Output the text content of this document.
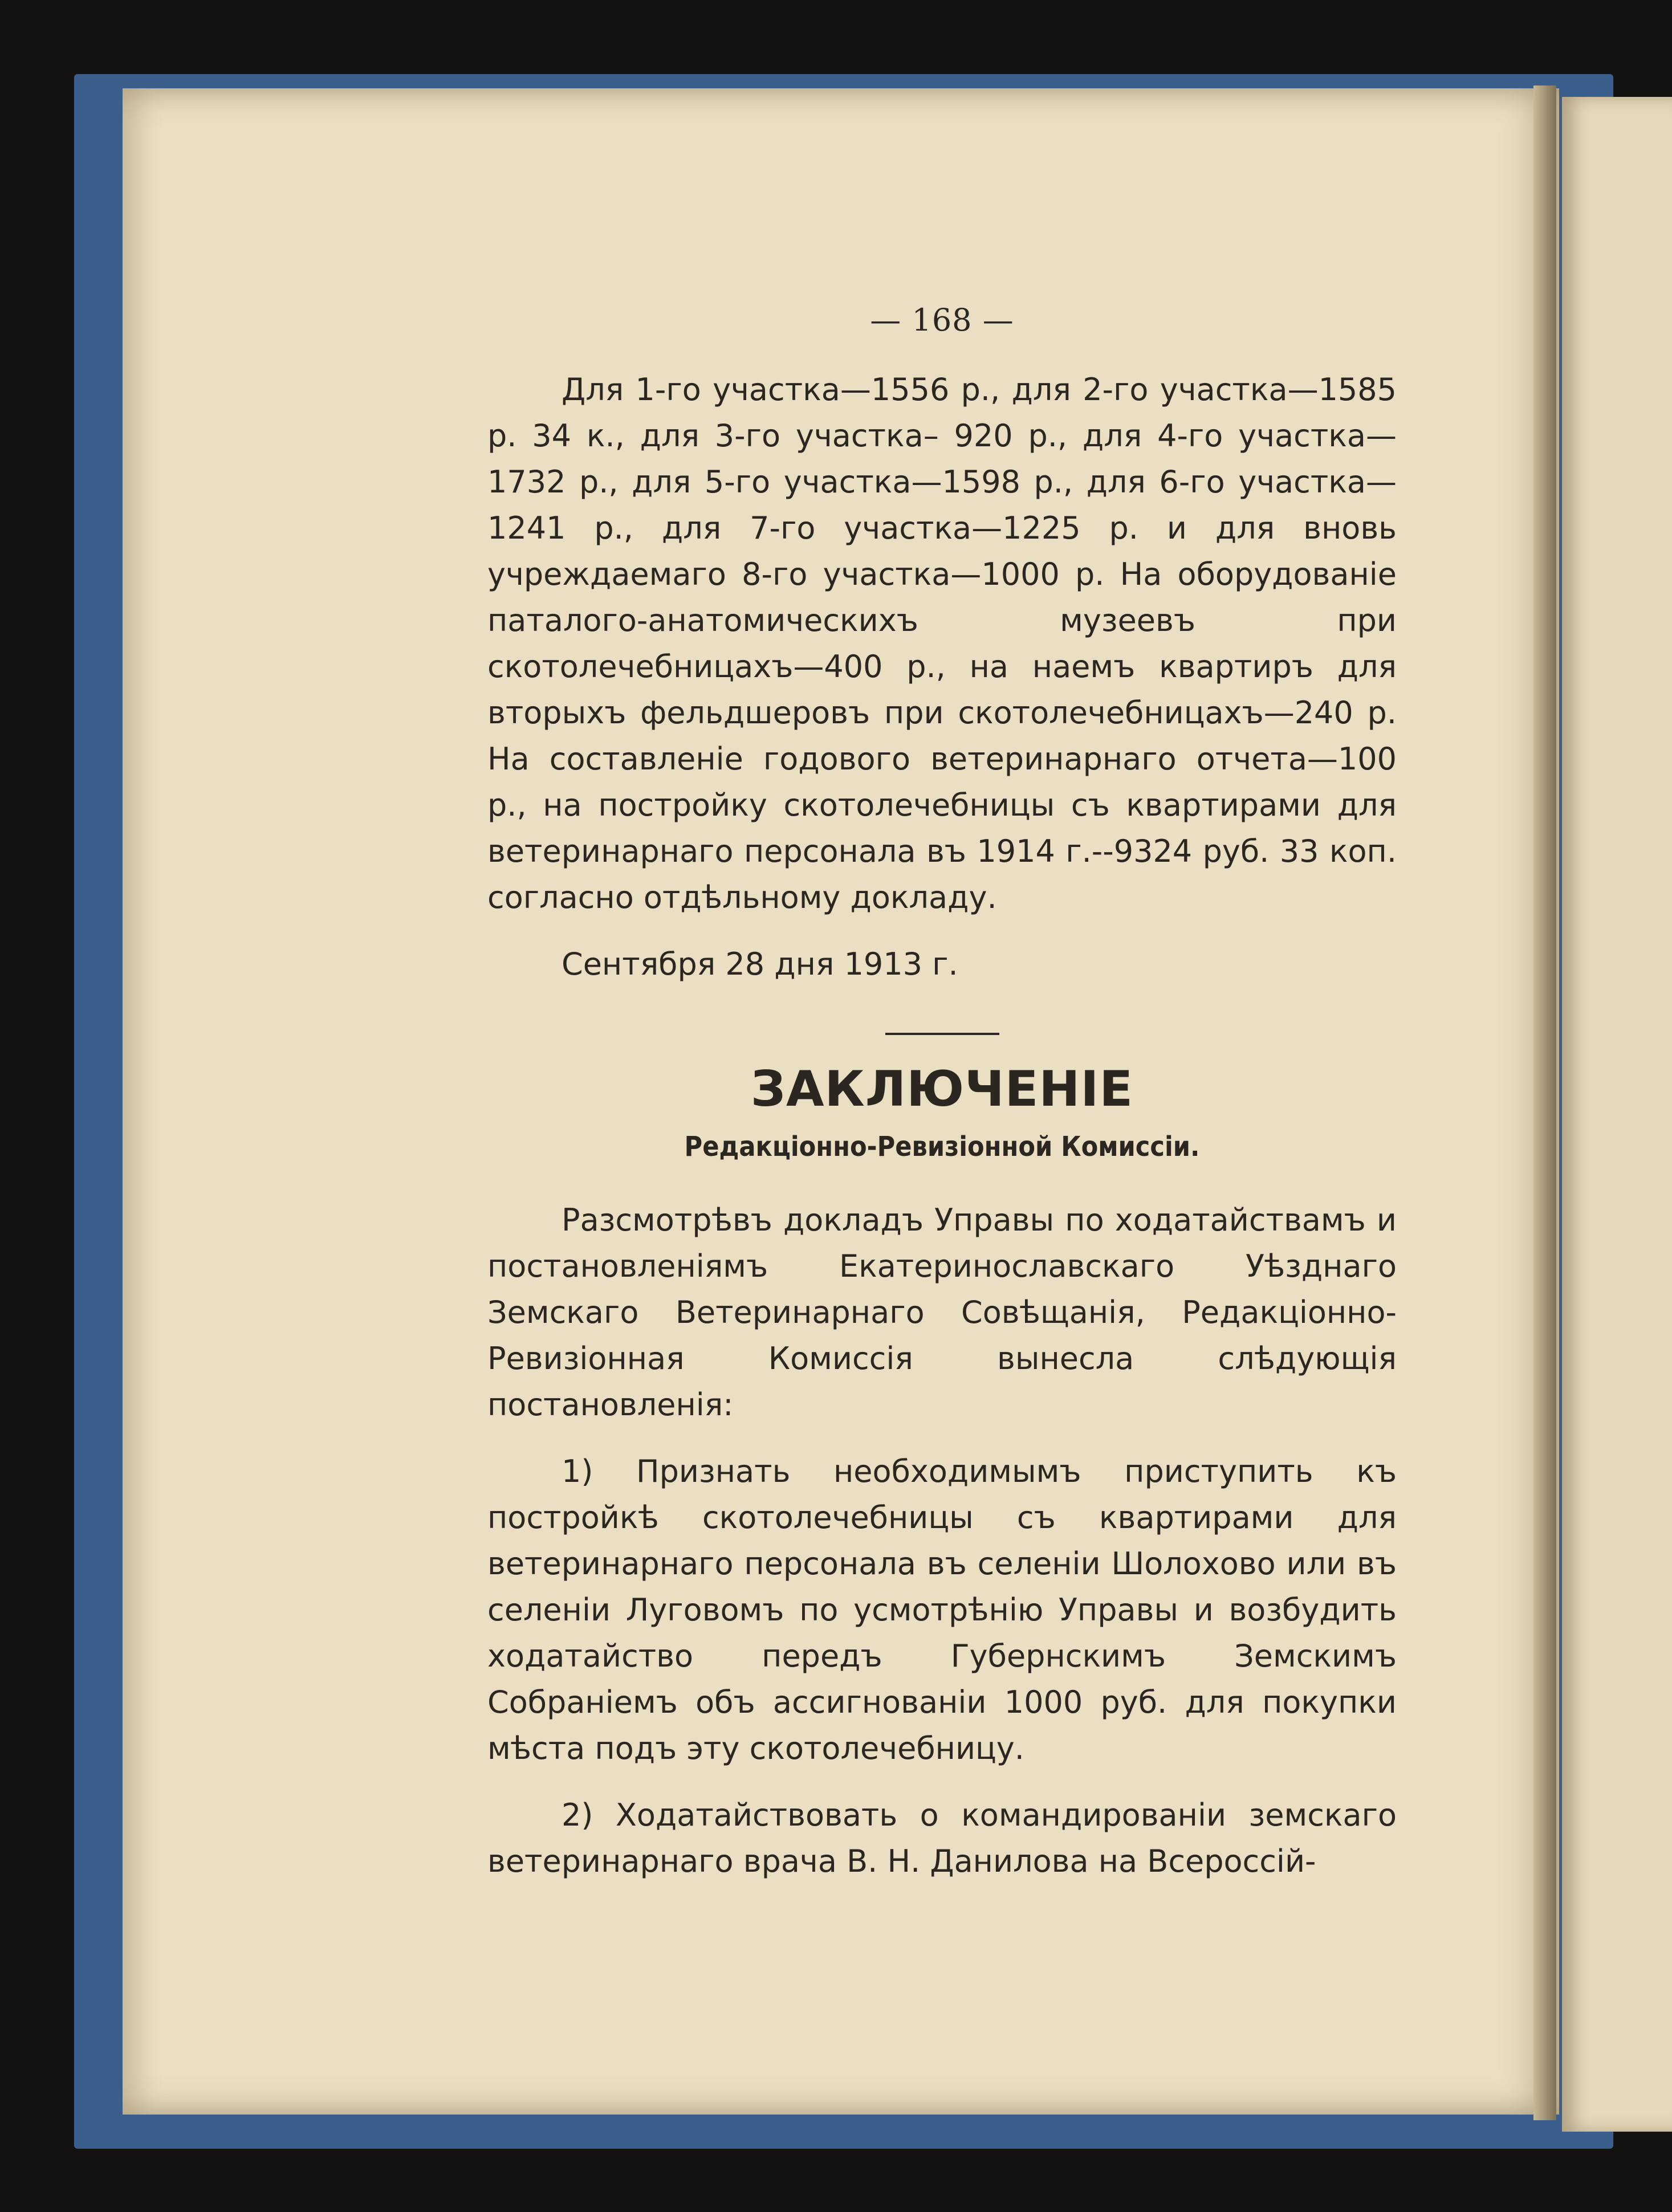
— 168 —

Для 1-го участка—1556 р., для 2-го участка—1585 р. 34 к., для 3-го участка– 920 р., для 4-го участка—1732 р., для 5-го участка—1598 р., для 6-го участка—1241 р., для 7-го участка—1225 р. и для вновь учреждаемаго 8-го участка—1000 р. На оборудованіе паталого-анатомическихъ музеевъ при скотолечебницахъ—400 р., на наемъ квартиръ для вторыхъ фельдшеровъ при скотолечебницахъ—240 р. На составленіе годового ветеринарнаго отчета—100 р., на постройку скотолечебницы съ квартирами для ветеринарнаго персонала въ 1914 г.--9324 руб. 33 коп. согласно отдѣльному докладу.

Сентября 28 дня 1913 г.
ЗАКЛЮЧЕНІЕ
Редакціонно-Ревизіонной Комиссіи.

Разсмотрѣвъ докладъ Управы по ходатайствамъ и постановленіямъ Екатеринославскаго Уѣзднаго Земскаго Ветеринарнаго Совѣщанія, Редакціонно-Ревизіонная Комиссія вынесла слѣдующія постановленія:

1) Признать необходимымъ приступить къ постройкѣ скотолечебницы съ квартирами для ветеринарнаго персонала въ селеніи Шолохово или въ селеніи Луговомъ по усмотрѣнію Управы и возбудить ходатайство передъ Губернскимъ Земскимъ Собраніемъ объ ассигнованіи 1000 руб. для покупки мѣста подъ эту скотолечебницу.

2) Ходатайствовать о командированіи земскаго ветеринарнаго врача В. Н. Данилова на Всероссій-
